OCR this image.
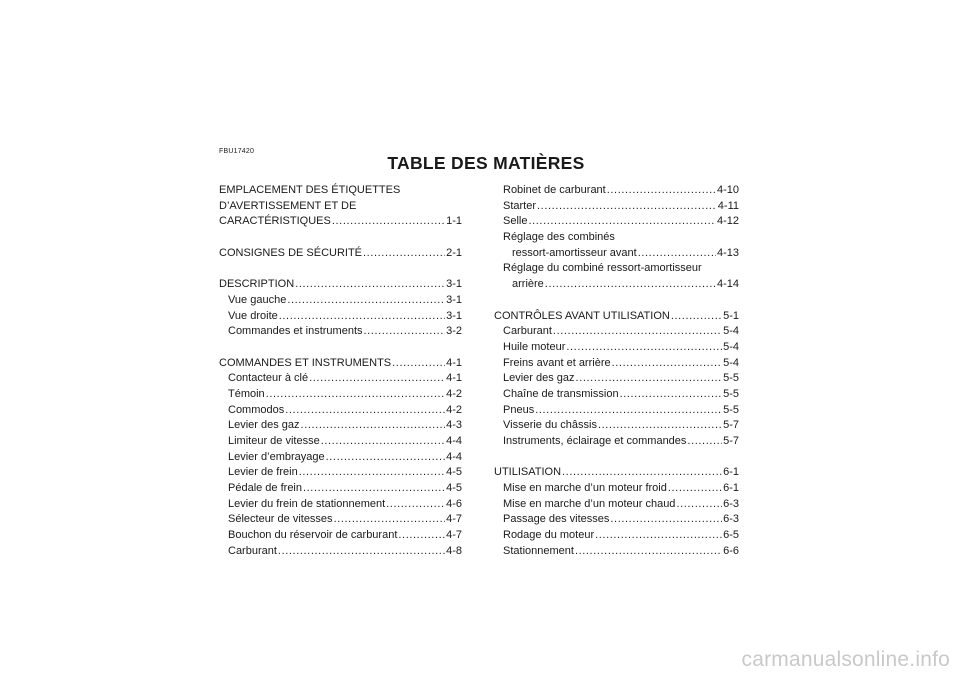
FBU17420
TABLE DES MATIÈRES
EMPLACEMENT DES ÉTIQUETTES
D’AVERTISSEMENT ET DE
CARACTÉRISTIQUES .....	1-1
CONSIGNES DE SÉCURITÉ .....	2-1
DESCRIPTION .....	3-1
Vue gauche .....	3-1
Vue droite .....	3-1
Commandes et instruments .....	3-2
COMMANDES ET INSTRUMENTS .....	4-1
Contacteur à clé .....	4-1
Témoin .....	4-2
Commodos .....	4-2
Levier des gaz .....	4-3
Limiteur de vitesse .....	4-4
Levier d’embrayage .....	4-4
Levier de frein .....	4-5
Pédale de frein .....	4-5
Levier du frein de stationnement .....	4-6
Sélecteur de vitesses .....	4-7
Bouchon du réservoir de carburant .....	4-7
Carburant .....	4-8
Robinet de carburant .....	4-10
Starter .....	4-11
Selle .....	4-12
Réglage des combinés
ressort-amortisseur avant .....	4-13
Réglage du combiné ressort-amortisseur
arrière .....	4-14
CONTRÔLES AVANT UTILISATION .....	5-1
Carburant .....	5-4
Huile moteur .....	5-4
Freins avant et arrière .....	5-4
Levier des gaz .....	5-5
Chaîne de transmission .....	5-5
Pneus .....	5-5
Visserie du châssis .....	5-7
Instruments, éclairage et commandes .....	5-7
UTILISATION .....	6-1
Mise en marche d’un moteur froid .....	6-1
Mise en marche d’un moteur chaud .....	6-3
Passage des vitesses .....	6-3
Rodage du moteur .....	6-5
Stationnement .....	6-6
carmanualsonline.info
